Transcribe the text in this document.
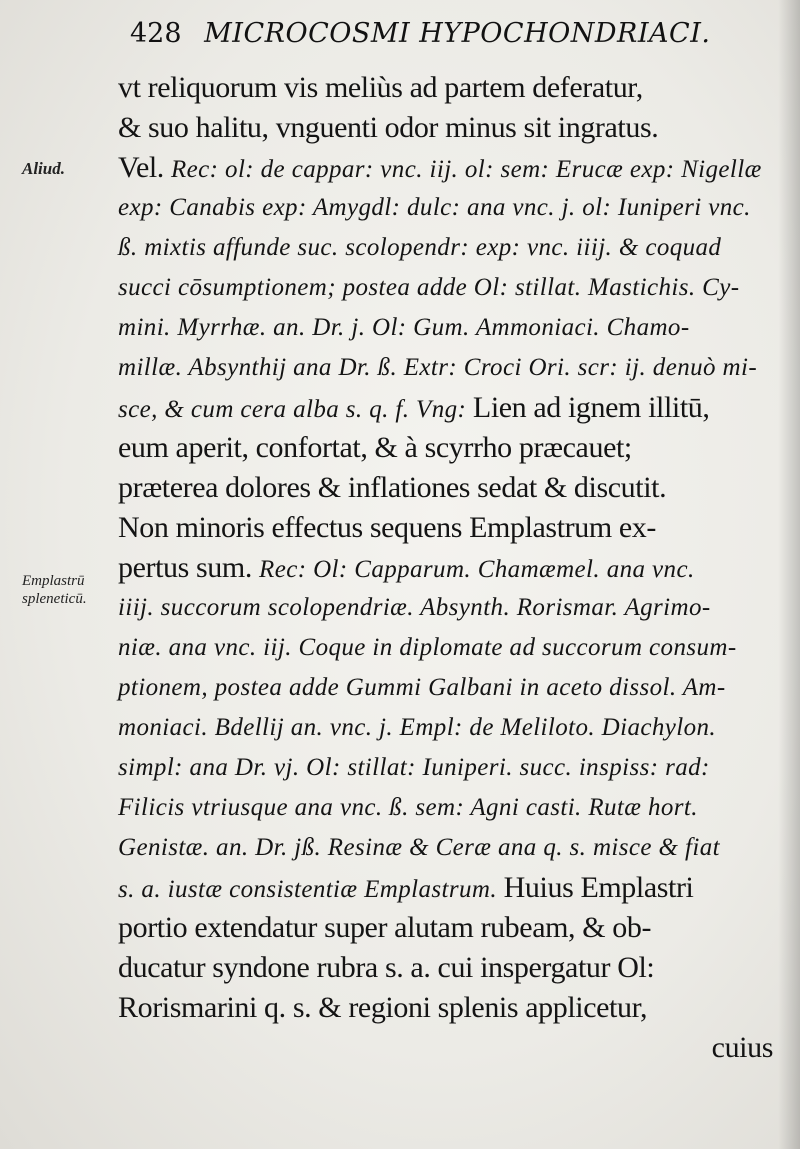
428 MICROCOSMI HYPOCHONDRIACI.
Aliud.
Emplastrū
spleneticū.
vt reliquorum vis meliùs ad partem deferatur,
& suo halitu, vnguenti odor minus sit ingratus.
Vel. Rec: ol: de cappar: vnc. iij. ol: sem: Erucæ exp: Nigellæ
exp: Canabis exp: Amygdl: dulc: ana vnc. j. ol: Iuniperi vnc.
ß. mixtis affunde suc. scolopendr: exp: vnc. iiij. & coquad
succi cōsumptionem; postea adde Ol: stillat. Mastichis. Cy-
mini. Myrrhæ. an. Dr. j. Ol: Gum. Ammoniaci. Chamo-
millæ. Absynthij ana Dr. ß. Extr: Croci Ori. scr: ij. denuò mi-
sce, & cum cera alba s. q. f. Vng: Lien ad ignem illitū,
eum aperit, confortat, & à scyrrho præcauet;
præterea dolores & inflationes sedat & discutit.
Non minoris effectus sequens Emplastrum ex-
pertus sum. Rec: Ol: Capparum. Chamæmel. ana vnc.
iiij. succorum scolopendriæ. Absynth. Rorismar. Agrimo-
niæ. ana vnc. iij. Coque in diplomate ad succorum consum-
ptionem, postea adde Gummi Galbani in aceto dissol. Am-
moniaci. Bdellij an. vnc. j. Empl: de Meliloto. Diachylon.
simpl: ana Dr. vj. Ol: stillat: Iuniperi. succ. inspiss: rad:
Filicis vtriusque ana vnc. ß. sem: Agni casti. Rutæ hort.
Genistæ. an. Dr. jß. Resinæ & Ceræ ana q. s. misce & fiat
s. a. iustæ consistentiæ Emplastrum. Huius Emplastri
portio extendatur super alutam rubeam, & ob-
ducatur syndone rubra s. a. cui inspergatur Ol:
Rorismarini q. s. & regioni splenis applicetur,
cuius
